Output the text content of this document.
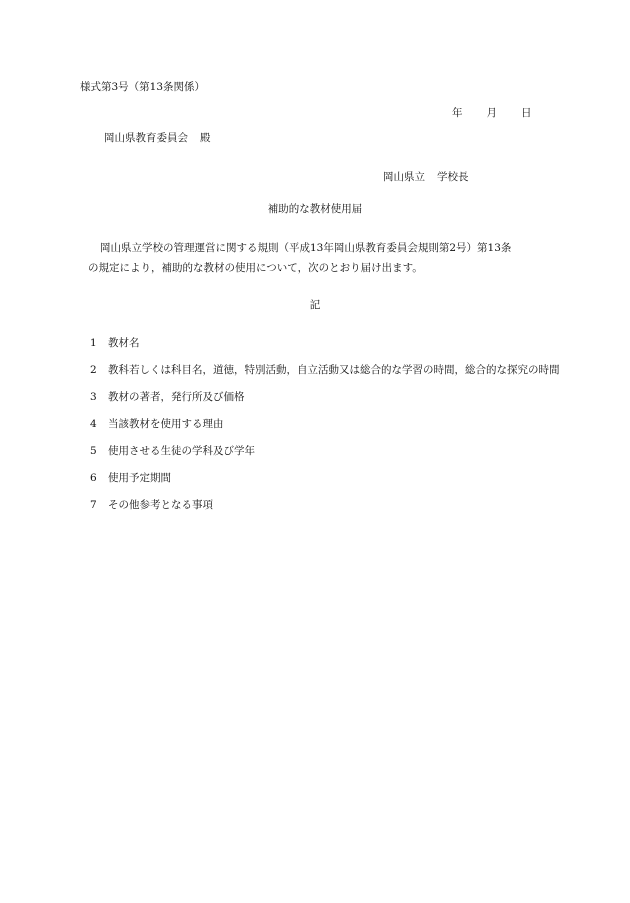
様式第3号（第13条関係）
年 月 日
岡山県教育委員会 殿
岡山県立 学校長
補助的な教材使用届
岡山県立学校の管理運営に関する規則（平成13年岡山県教育委員会規則第2号）第13条
の規定により，補助的な教材の使用について，次のとおり届け出ます。
記
1	教材名
2	教科若しくは科目名，道徳，特別活動，自立活動又は総合的な学習の時間，総合的な探究の時間
3	教材の著者，発行所及び価格
4	当該教材を使用する理由
5	使用させる生徒の学科及び学年
6	使用予定期間
7	その他参考となる事項
